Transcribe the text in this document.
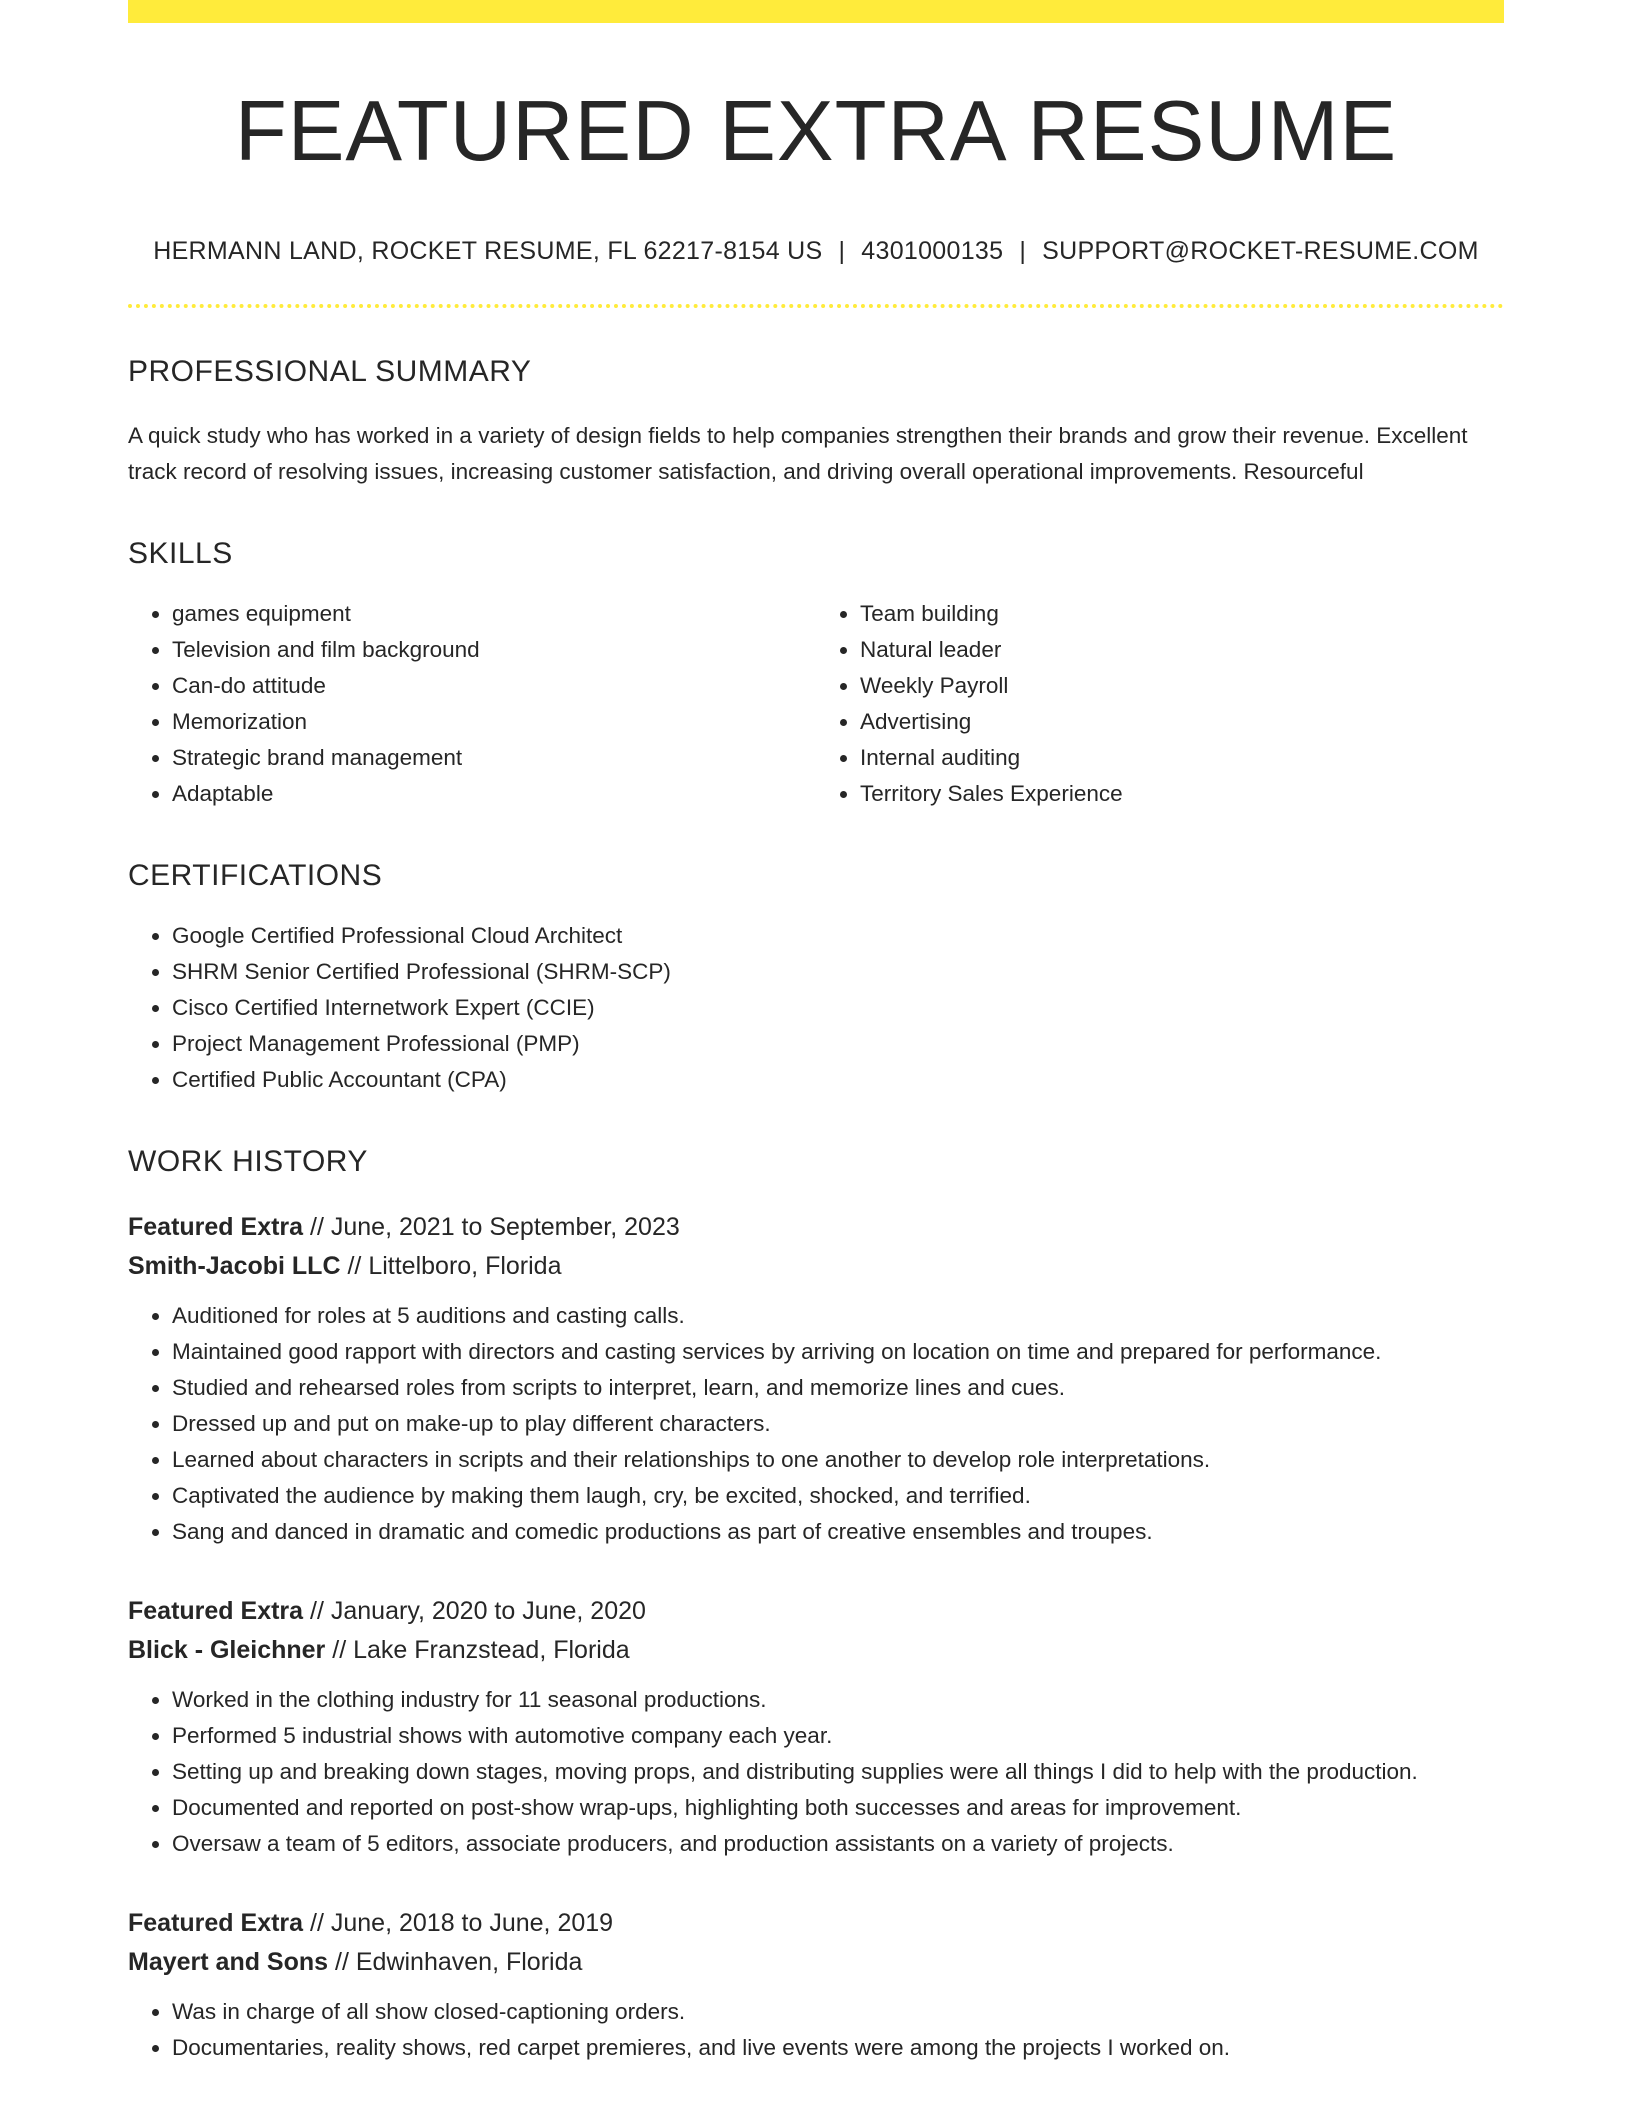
FEATURED EXTRA RESUME
HERMANN LAND, ROCKET RESUME, FL 62217-8154 US | 4301000135 | SUPPORT@ROCKET-RESUME.COM
PROFESSIONAL SUMMARY

A quick study who has worked in a variety of design fields to help companies strengthen their brands and grow their revenue. Excellent track record of resolving issues, increasing customer satisfaction, and driving overall operational improvements. Resourceful

SKILLS
• games equipment
• Television and film background
• Can-do attitude
• Memorization
• Strategic brand management
• Adaptable
• Team building
• Natural leader
• Weekly Payroll
• Advertising
• Internal auditing
• Territory Sales Experience
CERTIFICATIONS
• Google Certified Professional Cloud Architect
• SHRM Senior Certified Professional (SHRM-SCP)
• Cisco Certified Internetwork Expert (CCIE)
• Project Management Professional (PMP)
• Certified Public Accountant (CPA)
WORK HISTORY
Featured Extra // June, 2021 to September, 2023
Smith-Jacobi LLC // Littelboro, Florida
• Auditioned for roles at 5 auditions and casting calls.
• Maintained good rapport with directors and casting services by arriving on location on time and prepared for performance.
• Studied and rehearsed roles from scripts to interpret, learn, and memorize lines and cues.
• Dressed up and put on make-up to play different characters.
• Learned about characters in scripts and their relationships to one another to develop role interpretations.
• Captivated the audience by making them laugh, cry, be excited, shocked, and terrified.
• Sang and danced in dramatic and comedic productions as part of creative ensembles and troupes.
Featured Extra // January, 2020 to June, 2020
Blick - Gleichner // Lake Franzstead, Florida
• Worked in the clothing industry for 11 seasonal productions.
• Performed 5 industrial shows with automotive company each year.
• Setting up and breaking down stages, moving props, and distributing supplies were all things I did to help with the production.
• Documented and reported on post-show wrap-ups, highlighting both successes and areas for improvement.
• Oversaw a team of 5 editors, associate producers, and production assistants on a variety of projects.
Featured Extra // June, 2018 to June, 2019
Mayert and Sons // Edwinhaven, Florida
• Was in charge of all show closed-captioning orders.
• Documentaries, reality shows, red carpet premieres, and live events were among the projects I worked on.
